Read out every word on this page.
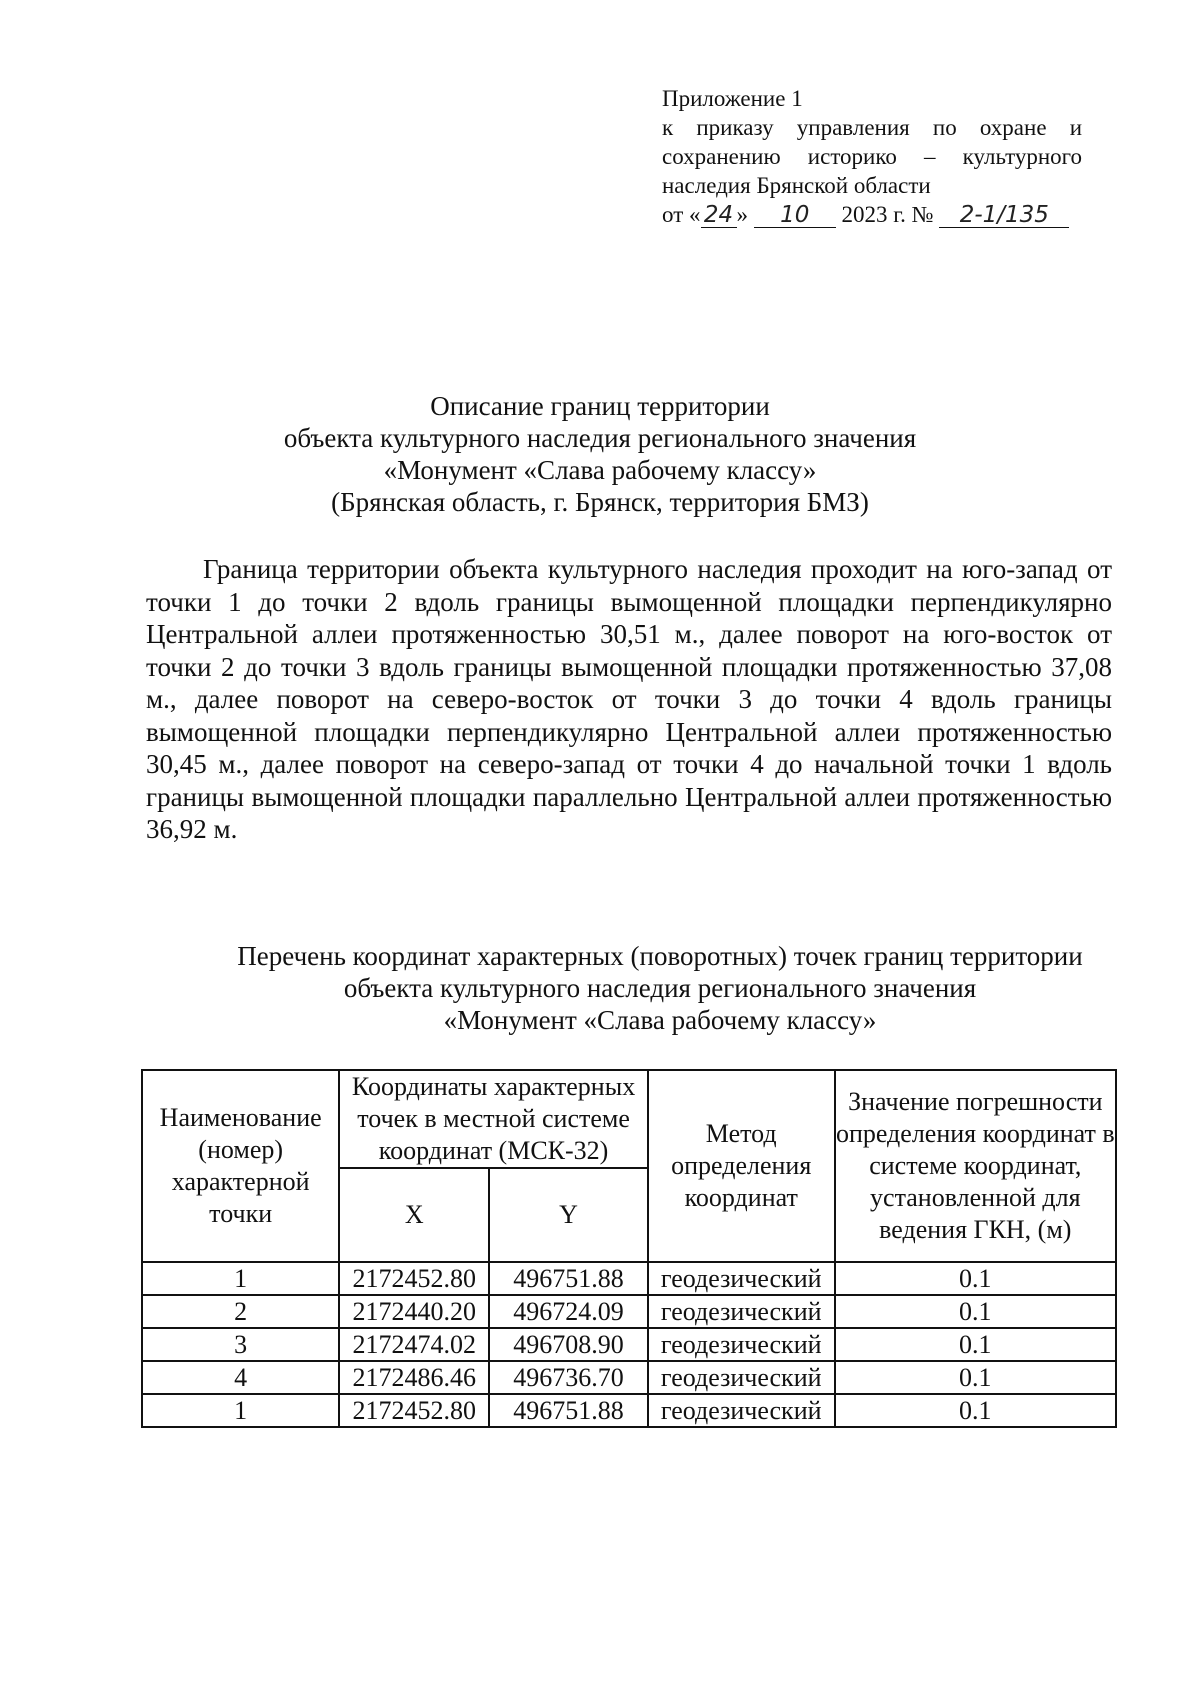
Приложение 1
к приказу управления по охране и
сохранению историко – культурного
наследия Брянской области
от « 24 » 10 2023 г. № 2-1/135
Описание границ территории
объекта культурного наследия регионального значения
«Монумент «Слава рабочему классу»
(Брянская область, г. Брянск, территория БМЗ)
Граница территории объекта культурного наследия проходит на юго-запад от точки 1 до точки 2 вдоль границы вымощенной площадки перпендикулярно Центральной аллеи протяженностью 30,51 м., далее поворот на юго-восток от точки 2 до точки 3 вдоль границы вымощенной площадки протяженностью 37,08 м., далее поворот на северо-восток от точки 3 до точки 4 вдоль границы вымощенной площадки перпендикулярно Центральной аллеи протяженностью 30,45 м., далее поворот на северо-запад от точки 4 до начальной точки 1 вдоль границы вымощенной площадки параллельно Центральной аллеи протяженностью 36,92 м.
Перечень координат характерных (поворотных) точек границ территории
объекта культурного наследия регионального значения
«Монумент «Слава рабочему классу»
Наименование (номер) характерной точки	Координаты характерных точек в местной системе координат (МСК-32)		Метод определения координат	Значение погрешности определения координат в системе координат, установленной для ведения ГКН, (м)
	X	Y		
1	2172452.80	496751.88	геодезический	0.1
2	2172440.20	496724.09	геодезический	0.1
3	2172474.02	496708.90	геодезический	0.1
4	2172486.46	496736.70	геодезический	0.1
1	2172452.80	496751.88	геодезический	0.1
